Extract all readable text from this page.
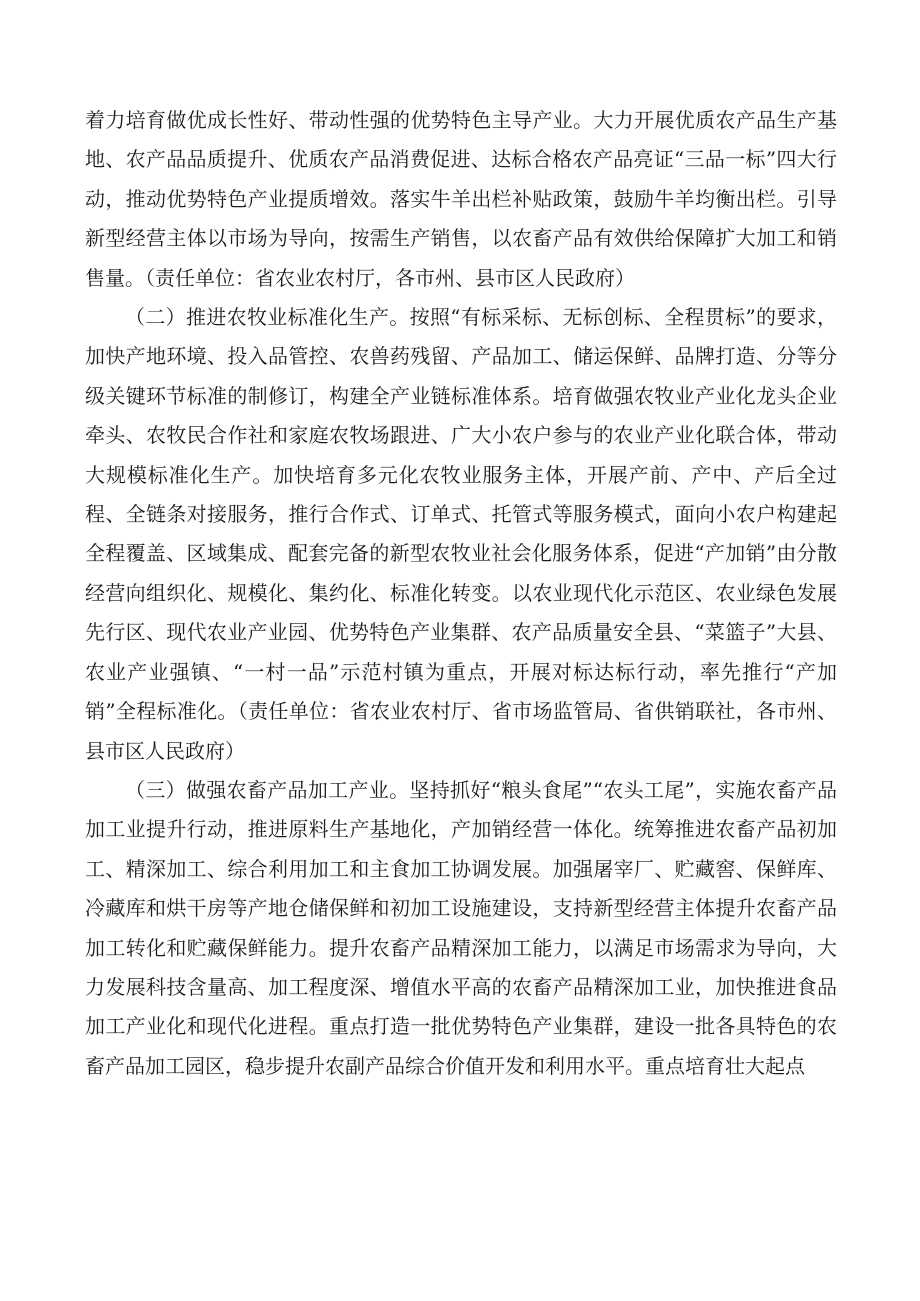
着力培育做优成长性好、带动性强的优势特色主导产业。大力开展优质农产品生产基地、农产品品质提升、优质农产品消费促进、达标合格农产品亮证“三品一标”四大行动，推动优势特色产业提质增效。落实牛羊出栏补贴政策，鼓励牛羊均衡出栏。引导新型经营主体以市场为导向，按需生产销售，以农畜产品有效供给保障扩大加工和销售量。（责任单位：省农业农村厅，各市州、县市区人民政府）

（二）推进农牧业标准化生产。按照“有标采标、无标创标、全程贯标”的要求，加快产地环境、投入品管控、农兽药残留、产品加工、储运保鲜、品牌打造、分等分级关键环节标准的制修订，构建全产业链标准体系。培育做强农牧业产业化龙头企业牵头、农牧民合作社和家庭农牧场跟进、广大小农户参与的农业产业化联合体，带动大规模标准化生产。加快培育多元化农牧业服务主体，开展产前、产中、产后全过程、全链条对接服务，推行合作式、订单式、托管式等服务模式，面向小农户构建起全程覆盖、区域集成、配套完备的新型农牧业社会化服务体系，促进“产加销”由分散经营向组织化、规模化、集约化、标准化转变。以农业现代化示范区、农业绿色发展先行区、现代农业产业园、优势特色产业集群、农产品质量安全县、“菜篮子”大县、农业产业强镇、“一村一品”示范村镇为重点，开展对标达标行动，率先推行“产加销”全程标准化。（责任单位：省农业农村厅、省市场监管局、省供销联社，各市州、县市区人民政府）

（三）做强农畜产品加工产业。坚持抓好“粮头食尾”“农头工尾”，实施农畜产品加工业提升行动，推进原料生产基地化，产加销经营一体化。统筹推进农畜产品初加工、精深加工、综合利用加工和主食加工协调发展。加强屠宰厂、贮藏窖、保鲜库、冷藏库和烘干房等产地仓储保鲜和初加工设施建设，支持新型经营主体提升农畜产品加工转化和贮藏保鲜能力。提升农畜产品精深加工能力，以满足市场需求为导向，大力发展科技含量高、加工程度深、增值水平高的农畜产品精深加工业，加快推进食品加工产业化和现代化进程。重点打造一批优势特色产业集群，建设一批各具特色的农畜产品加工园区，稳步提升农副产品综合价值开发和利用水平。重点培育壮大起点
